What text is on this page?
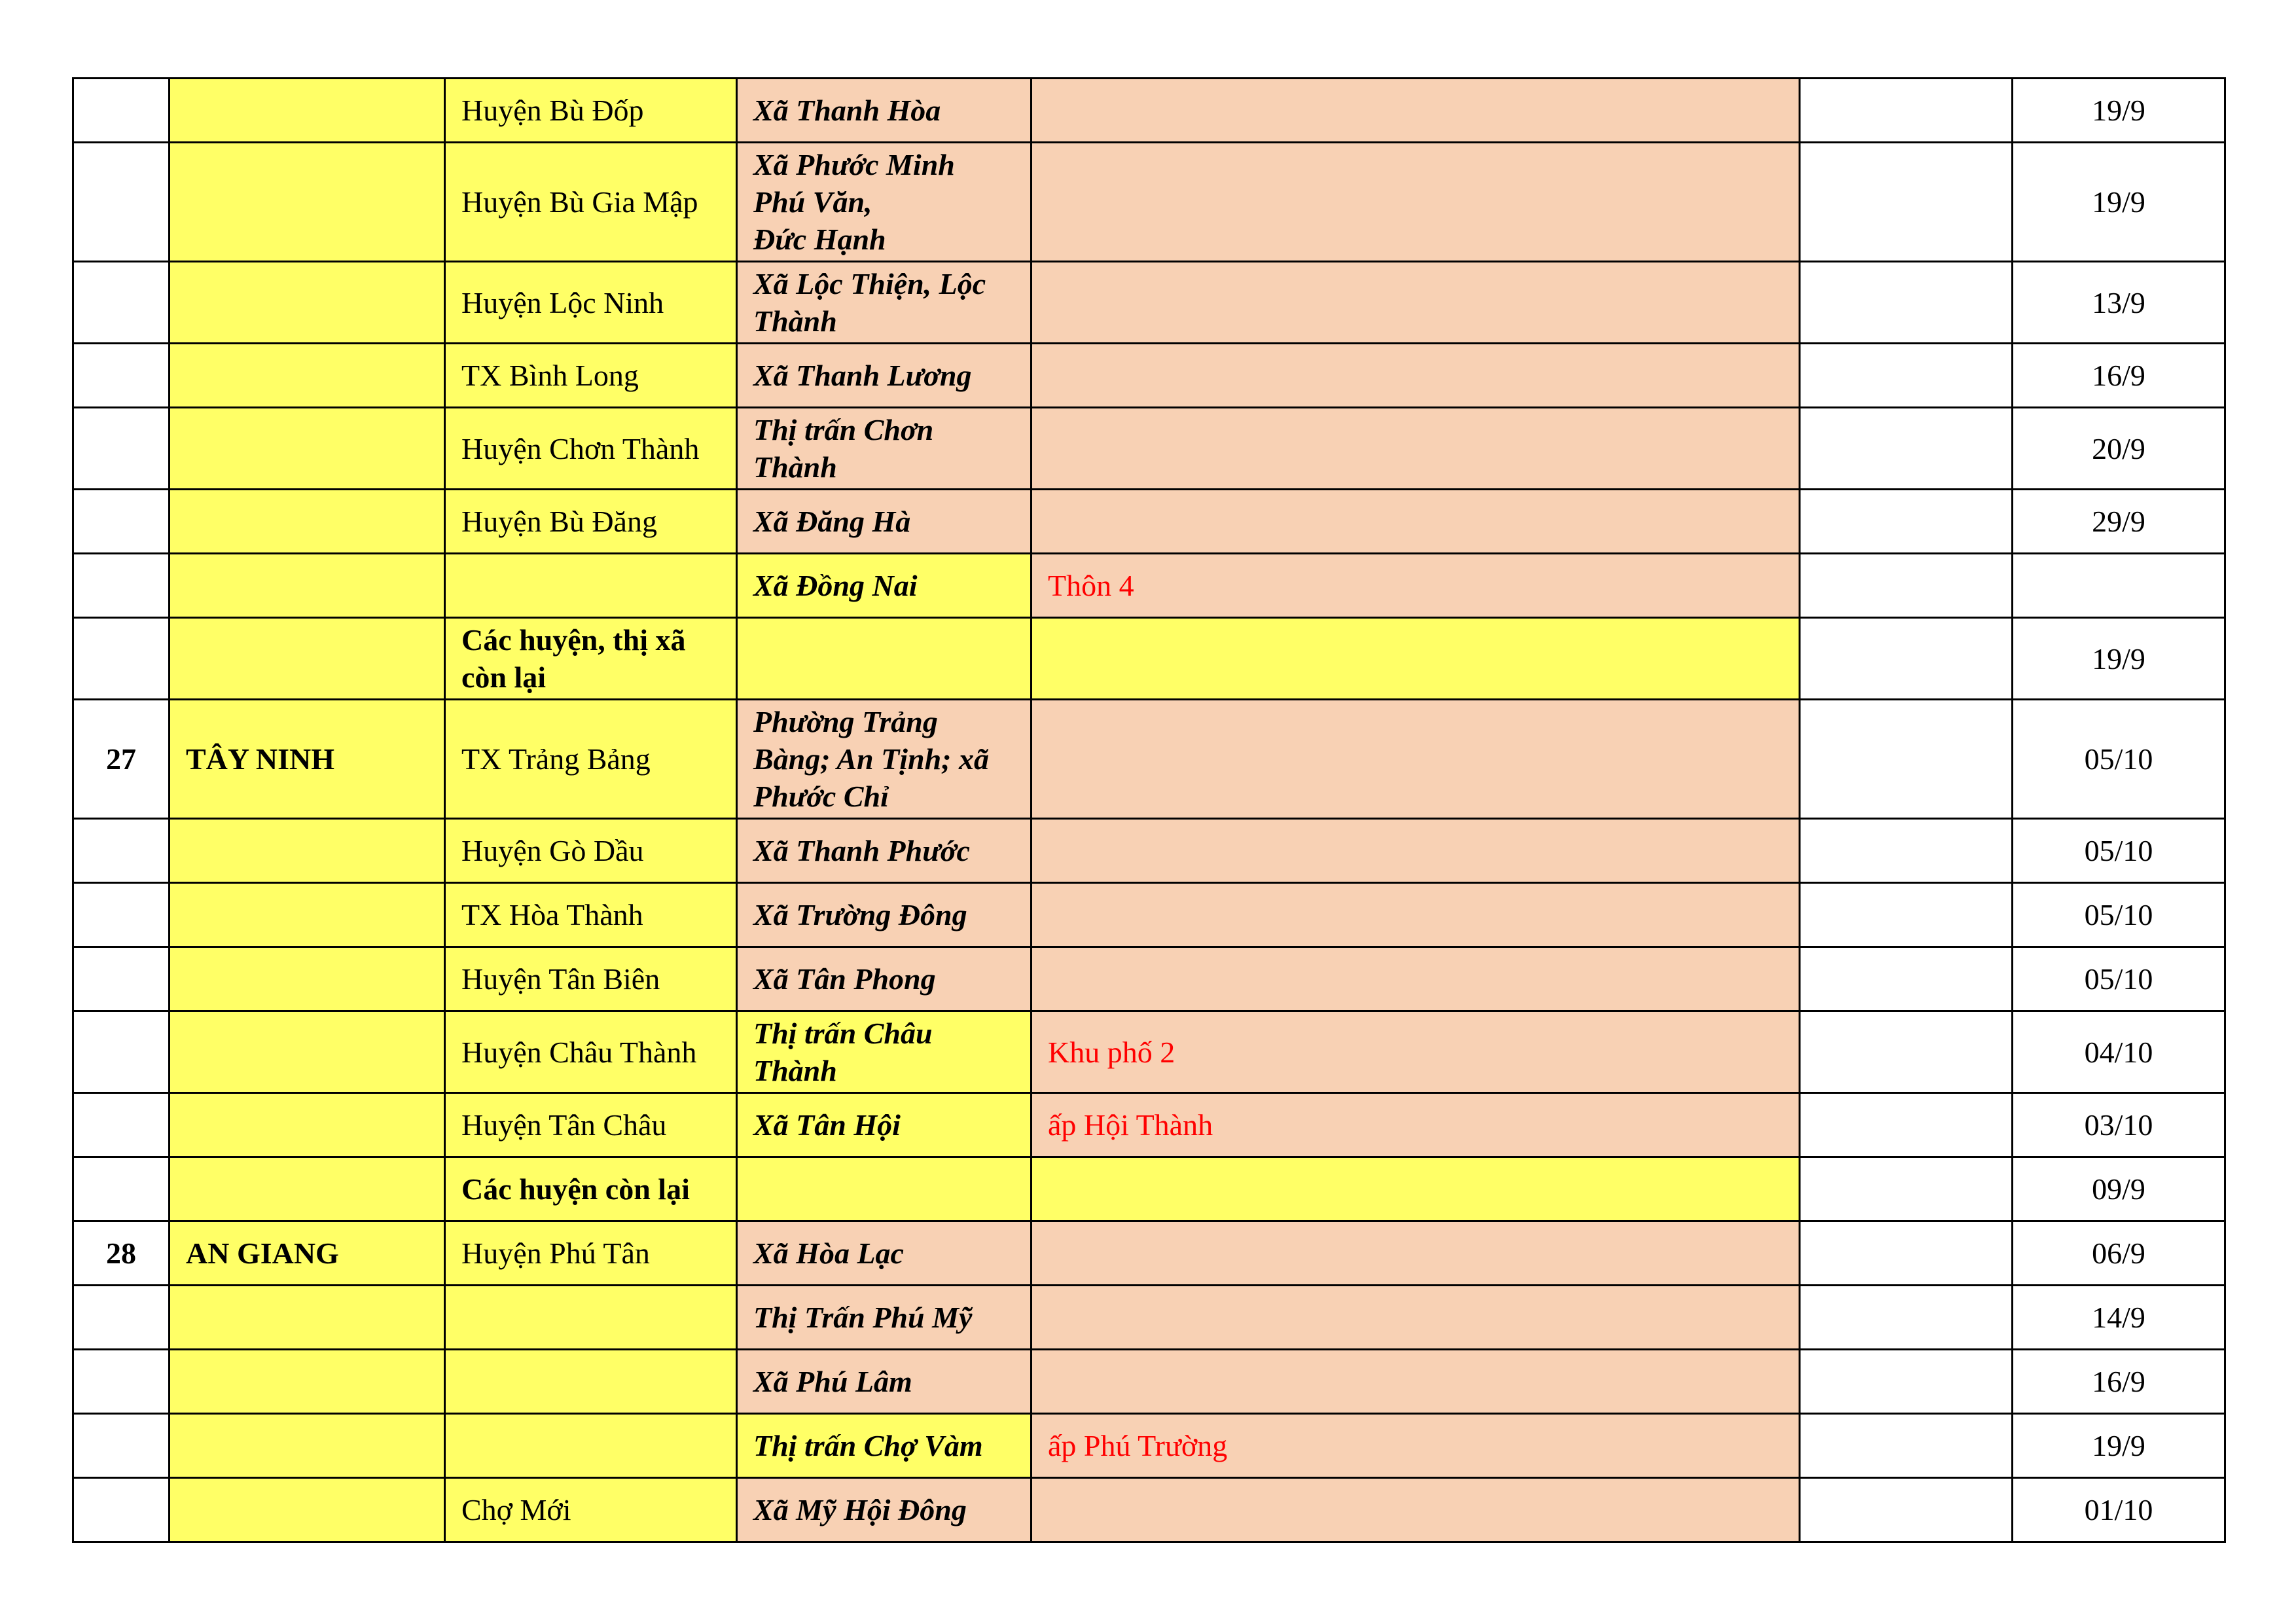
		Huyện Bù Đốp	Xã Thanh Hòa			19/9
		Huyện Bù Gia Mập	Xã Phước Minh
Phú Văn,
Đức Hạnh			19/9
		Huyện Lộc Ninh	Xã Lộc Thiện, Lộc Thành			13/9
		TX Bình Long	Xã Thanh Lương			16/9
		Huyện Chơn Thành	Thị trấn Chơn Thành			20/9
		Huyện Bù Đăng	Xã Đăng Hà			29/9
			Xã Đồng Nai	Thôn 4		
		Các huyện, thị xã còn lại				19/9
27	TÂY NINH	TX Trảng Bảng	Phường Trảng Bàng; An Tịnh; xã Phước Chỉ			05/10
		Huyện Gò Dầu	Xã Thanh Phước			05/10
		TX Hòa Thành	Xã Trường Đông			05/10
		Huyện Tân Biên	Xã Tân Phong			05/10
		Huyện Châu Thành	Thị trấn Châu Thành	Khu phố 2		04/10
		Huyện Tân Châu	Xã Tân Hội	ấp Hội Thành		03/10
		Các huyện còn lại				09/9
28	AN GIANG	Huyện Phú Tân	Xã Hòa Lạc			06/9
			Thị Trấn Phú Mỹ			14/9
			Xã Phú Lâm			16/9
			Thị trấn Chợ Vàm	ấp Phú Trường		19/9
		Chợ Mới	Xã Mỹ Hội Đông			01/10
